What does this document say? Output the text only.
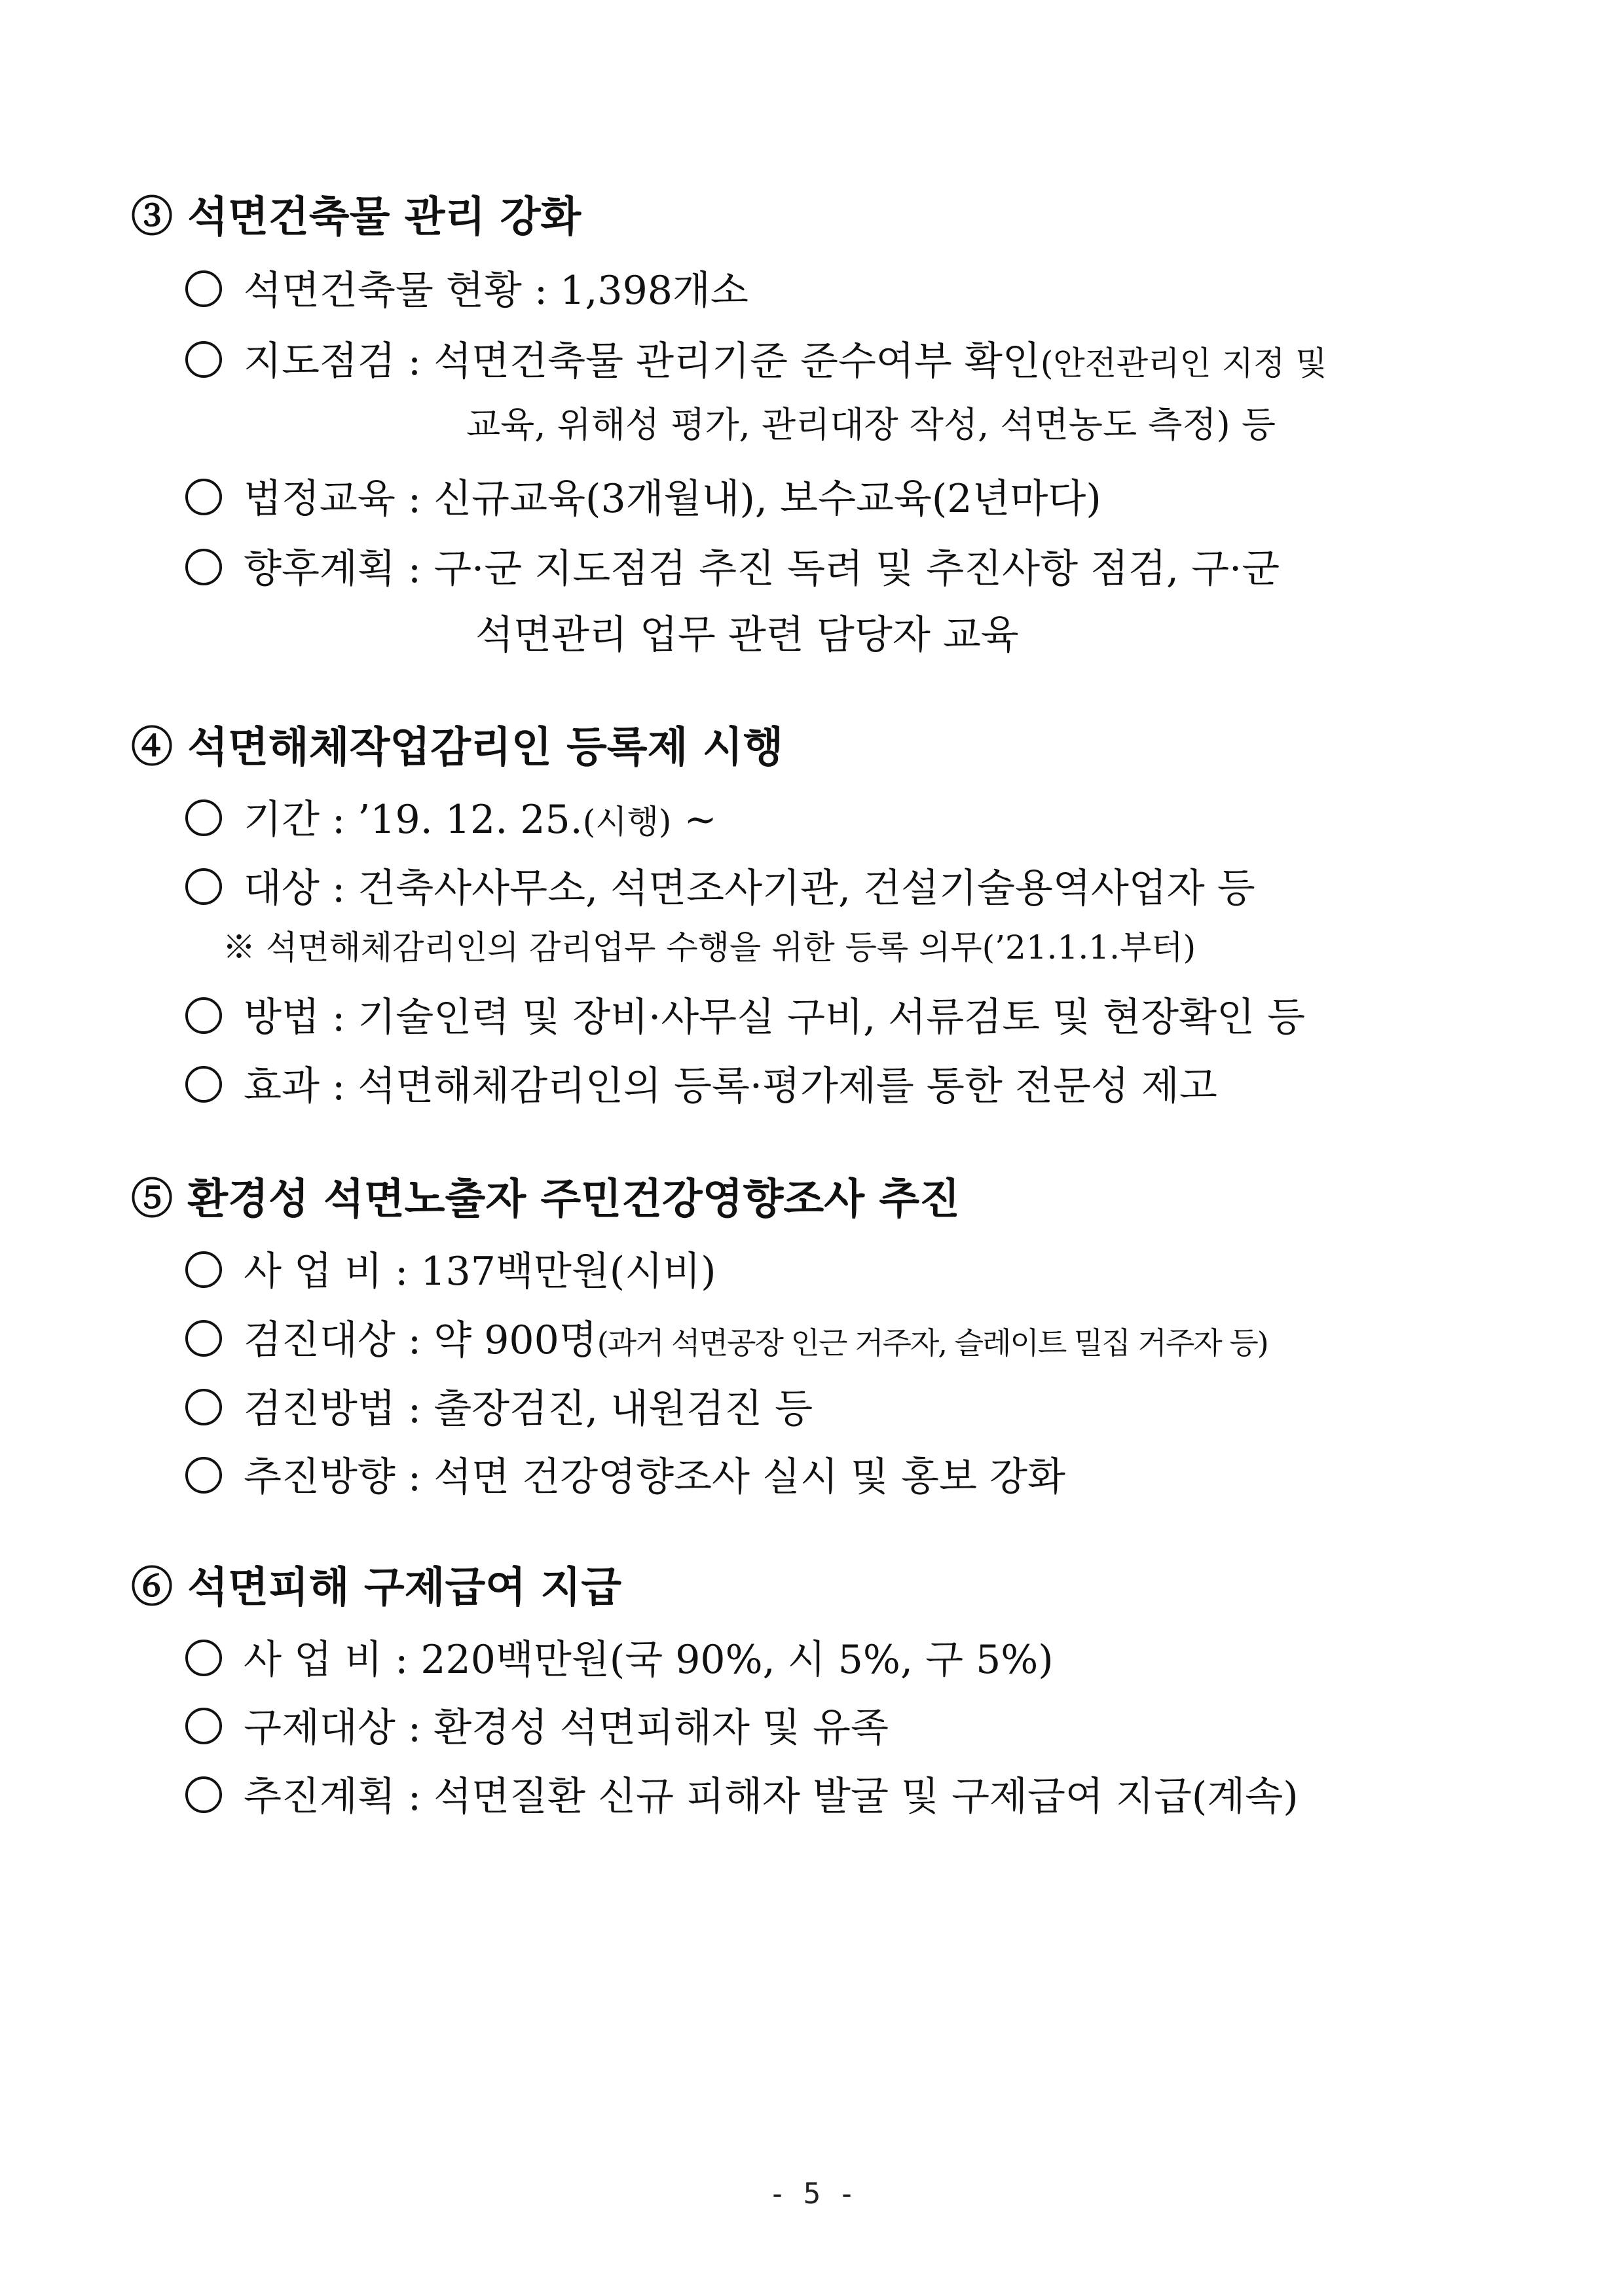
③ 석면건축물 관리 강화
석면건축물 현황 : 1,398개소
지도점검 : 석면건축물 관리기준 준수여부 확인(안전관리인 지정 및
교육, 위해성 평가, 관리대장 작성, 석면농도 측정) 등
법정교육 : 신규교육(3개월내), 보수교육(2년마다)
향후계획 : 구·군 지도점검 추진 독려 및 추진사항 점검, 구·군
석면관리 업무 관련 담당자 교육
④ 석면해체작업감리인 등록제 시행
기간 : ’19. 12. 25.(시행) ~
대상 : 건축사사무소, 석면조사기관, 건설기술용역사업자 등
※ 석면해체감리인의 감리업무 수행을 위한 등록 의무(’21.1.1.부터)
방법 : 기술인력 및 장비·사무실 구비, 서류검토 및 현장확인 등
효과 : 석면해체감리인의 등록·평가제를 통한 전문성 제고
⑤ 환경성 석면노출자 주민건강영향조사 추진
사 업 비 : 137백만원(시비)
검진대상 : 약 900명(과거 석면공장 인근 거주자, 슬레이트 밀집 거주자 등)
검진방법 : 출장검진, 내원검진 등
추진방향 : 석면 건강영향조사 실시 및 홍보 강화
⑥ 석면피해 구제급여 지급
사 업 비 : 220백만원(국 90%, 시 5%, 구 5%)
구제대상 : 환경성 석면피해자 및 유족
추진계획 : 석면질환 신규 피해자 발굴 및 구제급여 지급(계속)
- 5 -
